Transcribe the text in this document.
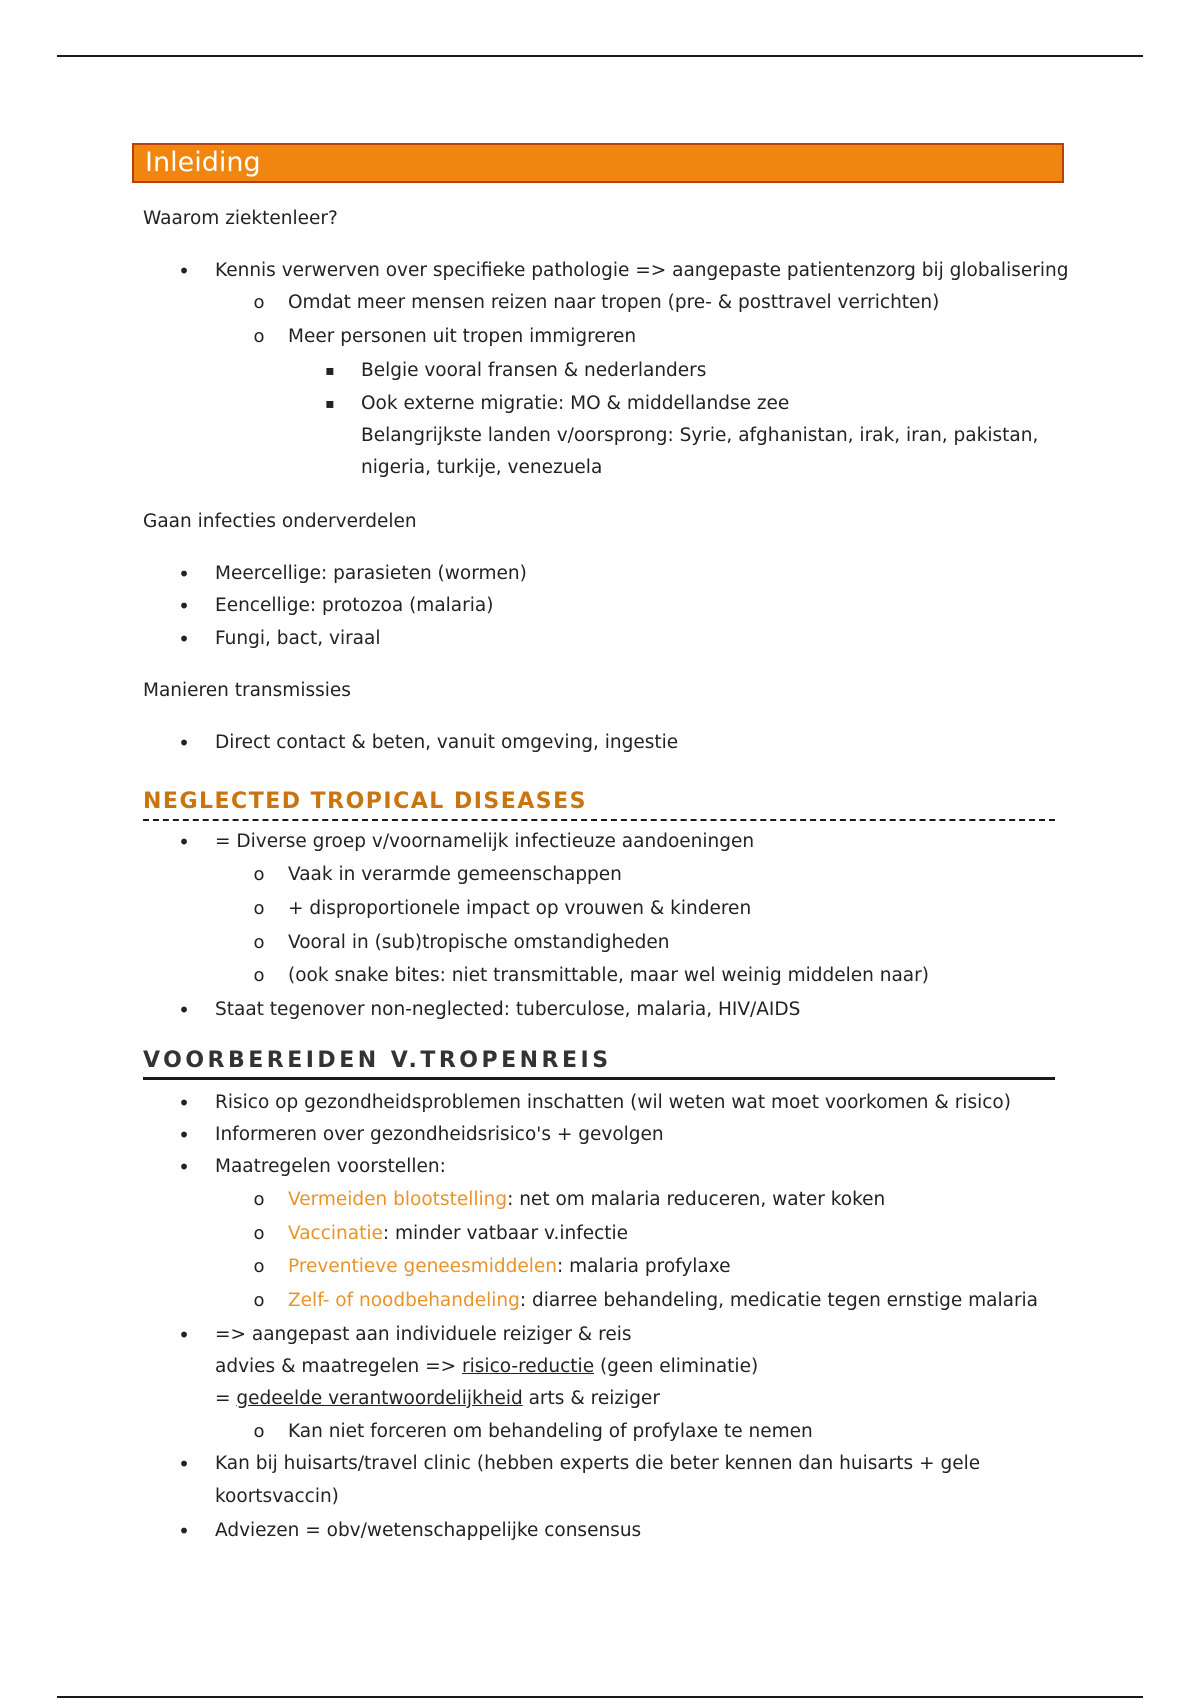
Inleiding
Waarom ziektenleer?
• Kennis verwerven over specifieke pathologie => aangepaste patientenzorg bij globalisering
o Omdat meer mensen reizen naar tropen (pre- & posttravel verrichten)
o Meer personen uit tropen immigreren
▪ Belgie vooral fransen & nederlanders
▪ Ook externe migratie: MO & middellandse zee
Belangrijkste landen v/oorsprong: Syrie, afghanistan, irak, iran, pakistan,
nigeria, turkije, venezuela
Gaan infecties onderverdelen
• Meercellige: parasieten (wormen)
• Eencellige: protozoa (malaria)
• Fungi, bact, viraal
Manieren transmissies
• Direct contact & beten, vanuit omgeving, ingestie
NEGLECTED TROPICAL DISEASES
• = Diverse groep v/voornamelijk infectieuze aandoeningen
o Vaak in verarmde gemeenschappen
o + disproportionele impact op vrouwen & kinderen
o Vooral in (sub)tropische omstandigheden
o (ook snake bites: niet transmittable, maar wel weinig middelen naar)
• Staat tegenover non-neglected: tuberculose, malaria, HIV/AIDS
VOORBEREIDEN V.TROPENREIS
• Risico op gezondheidsproblemen inschatten (wil weten wat moet voorkomen & risico)
• Informeren over gezondheidsrisico's + gevolgen
• Maatregelen voorstellen:
o Vermeiden blootstelling: net om malaria reduceren, water koken
o Vaccinatie: minder vatbaar v.infectie
o Preventieve geneesmiddelen: malaria profylaxe
o Zelf- of noodbehandeling: diarree behandeling, medicatie tegen ernstige malaria
• => aangepast aan individuele reiziger & reis
advies & maatregelen => risico-reductie (geen eliminatie)
= gedeelde verantwoordelijkheid arts & reiziger
o Kan niet forceren om behandeling of profylaxe te nemen
• Kan bij huisarts/travel clinic (hebben experts die beter kennen dan huisarts + gele
koortsvaccin)
• Adviezen = obv/wetenschappelijke consensus
